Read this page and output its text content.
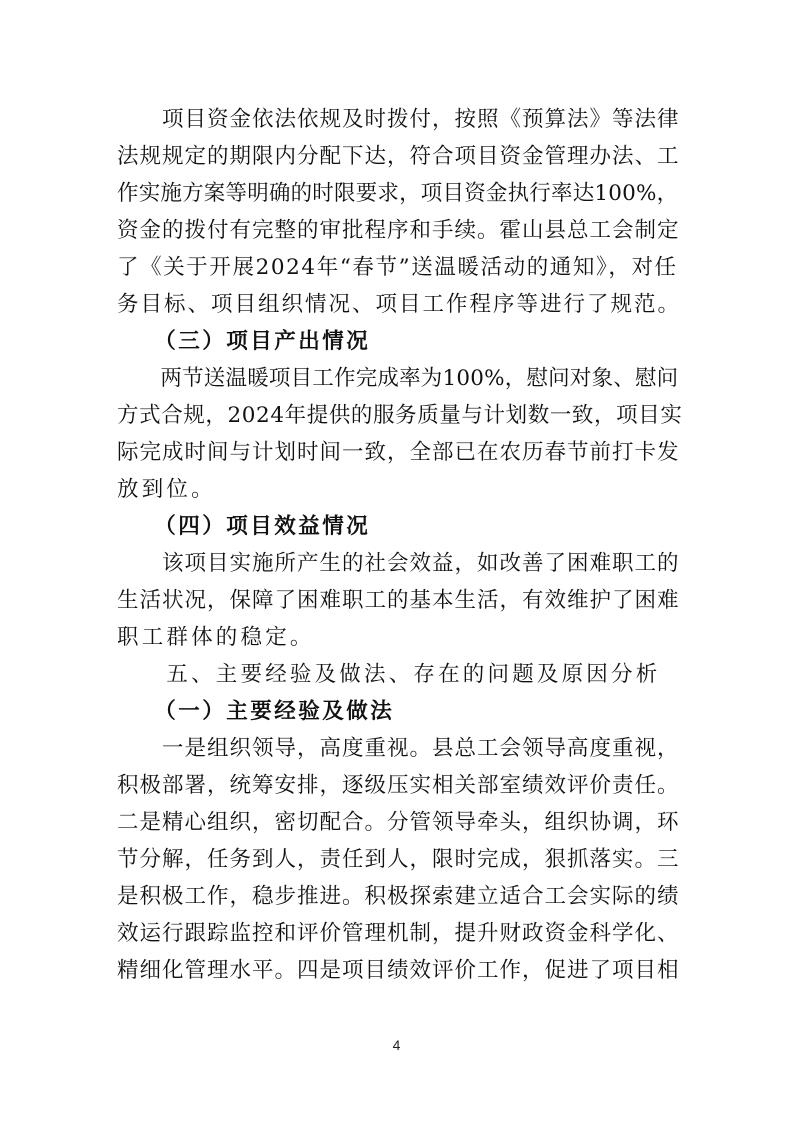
　　项目资金依法依规及时拨付，按照《预算法》等法律
法规规定的期限内分配下达，符合项目资金管理办法、工
作实施方案等明确的时限要求，项目资金执行率达100%，
资金的拨付有完整的审批程序和手续。霍山县总工会制定
了《关于开展2024年“春节”送温暖活动的通知》，对任
务目标、项目组织情况、项目工作程序等进行了规范。
　　（三）项目产出情况
　　两节送温暖项目工作完成率为100%，慰问对象、慰问
方式合规，2024年提供的服务质量与计划数一致，项目实
际完成时间与计划时间一致，全部已在农历春节前打卡发
放到位。
　　（四）项目效益情况
　　该项目实施所产生的社会效益，如改善了困难职工的
生活状况，保障了困难职工的基本生活，有效维护了困难
职工群体的稳定。
　　五、主要经验及做法、存在的问题及原因分析
　　（一）主要经验及做法
　　一是组织领导，高度重视。县总工会领导高度重视，
积极部署，统筹安排，逐级压实相关部室绩效评价责任。
二是精心组织，密切配合。分管领导牵头，组织协调，环
节分解，任务到人，责任到人，限时完成，狠抓落实。三
是积极工作，稳步推进。积极探索建立适合工会实际的绩
效运行跟踪监控和评价管理机制，提升财政资金科学化、
精细化管理水平。四是项目绩效评价工作，促进了项目相
4
